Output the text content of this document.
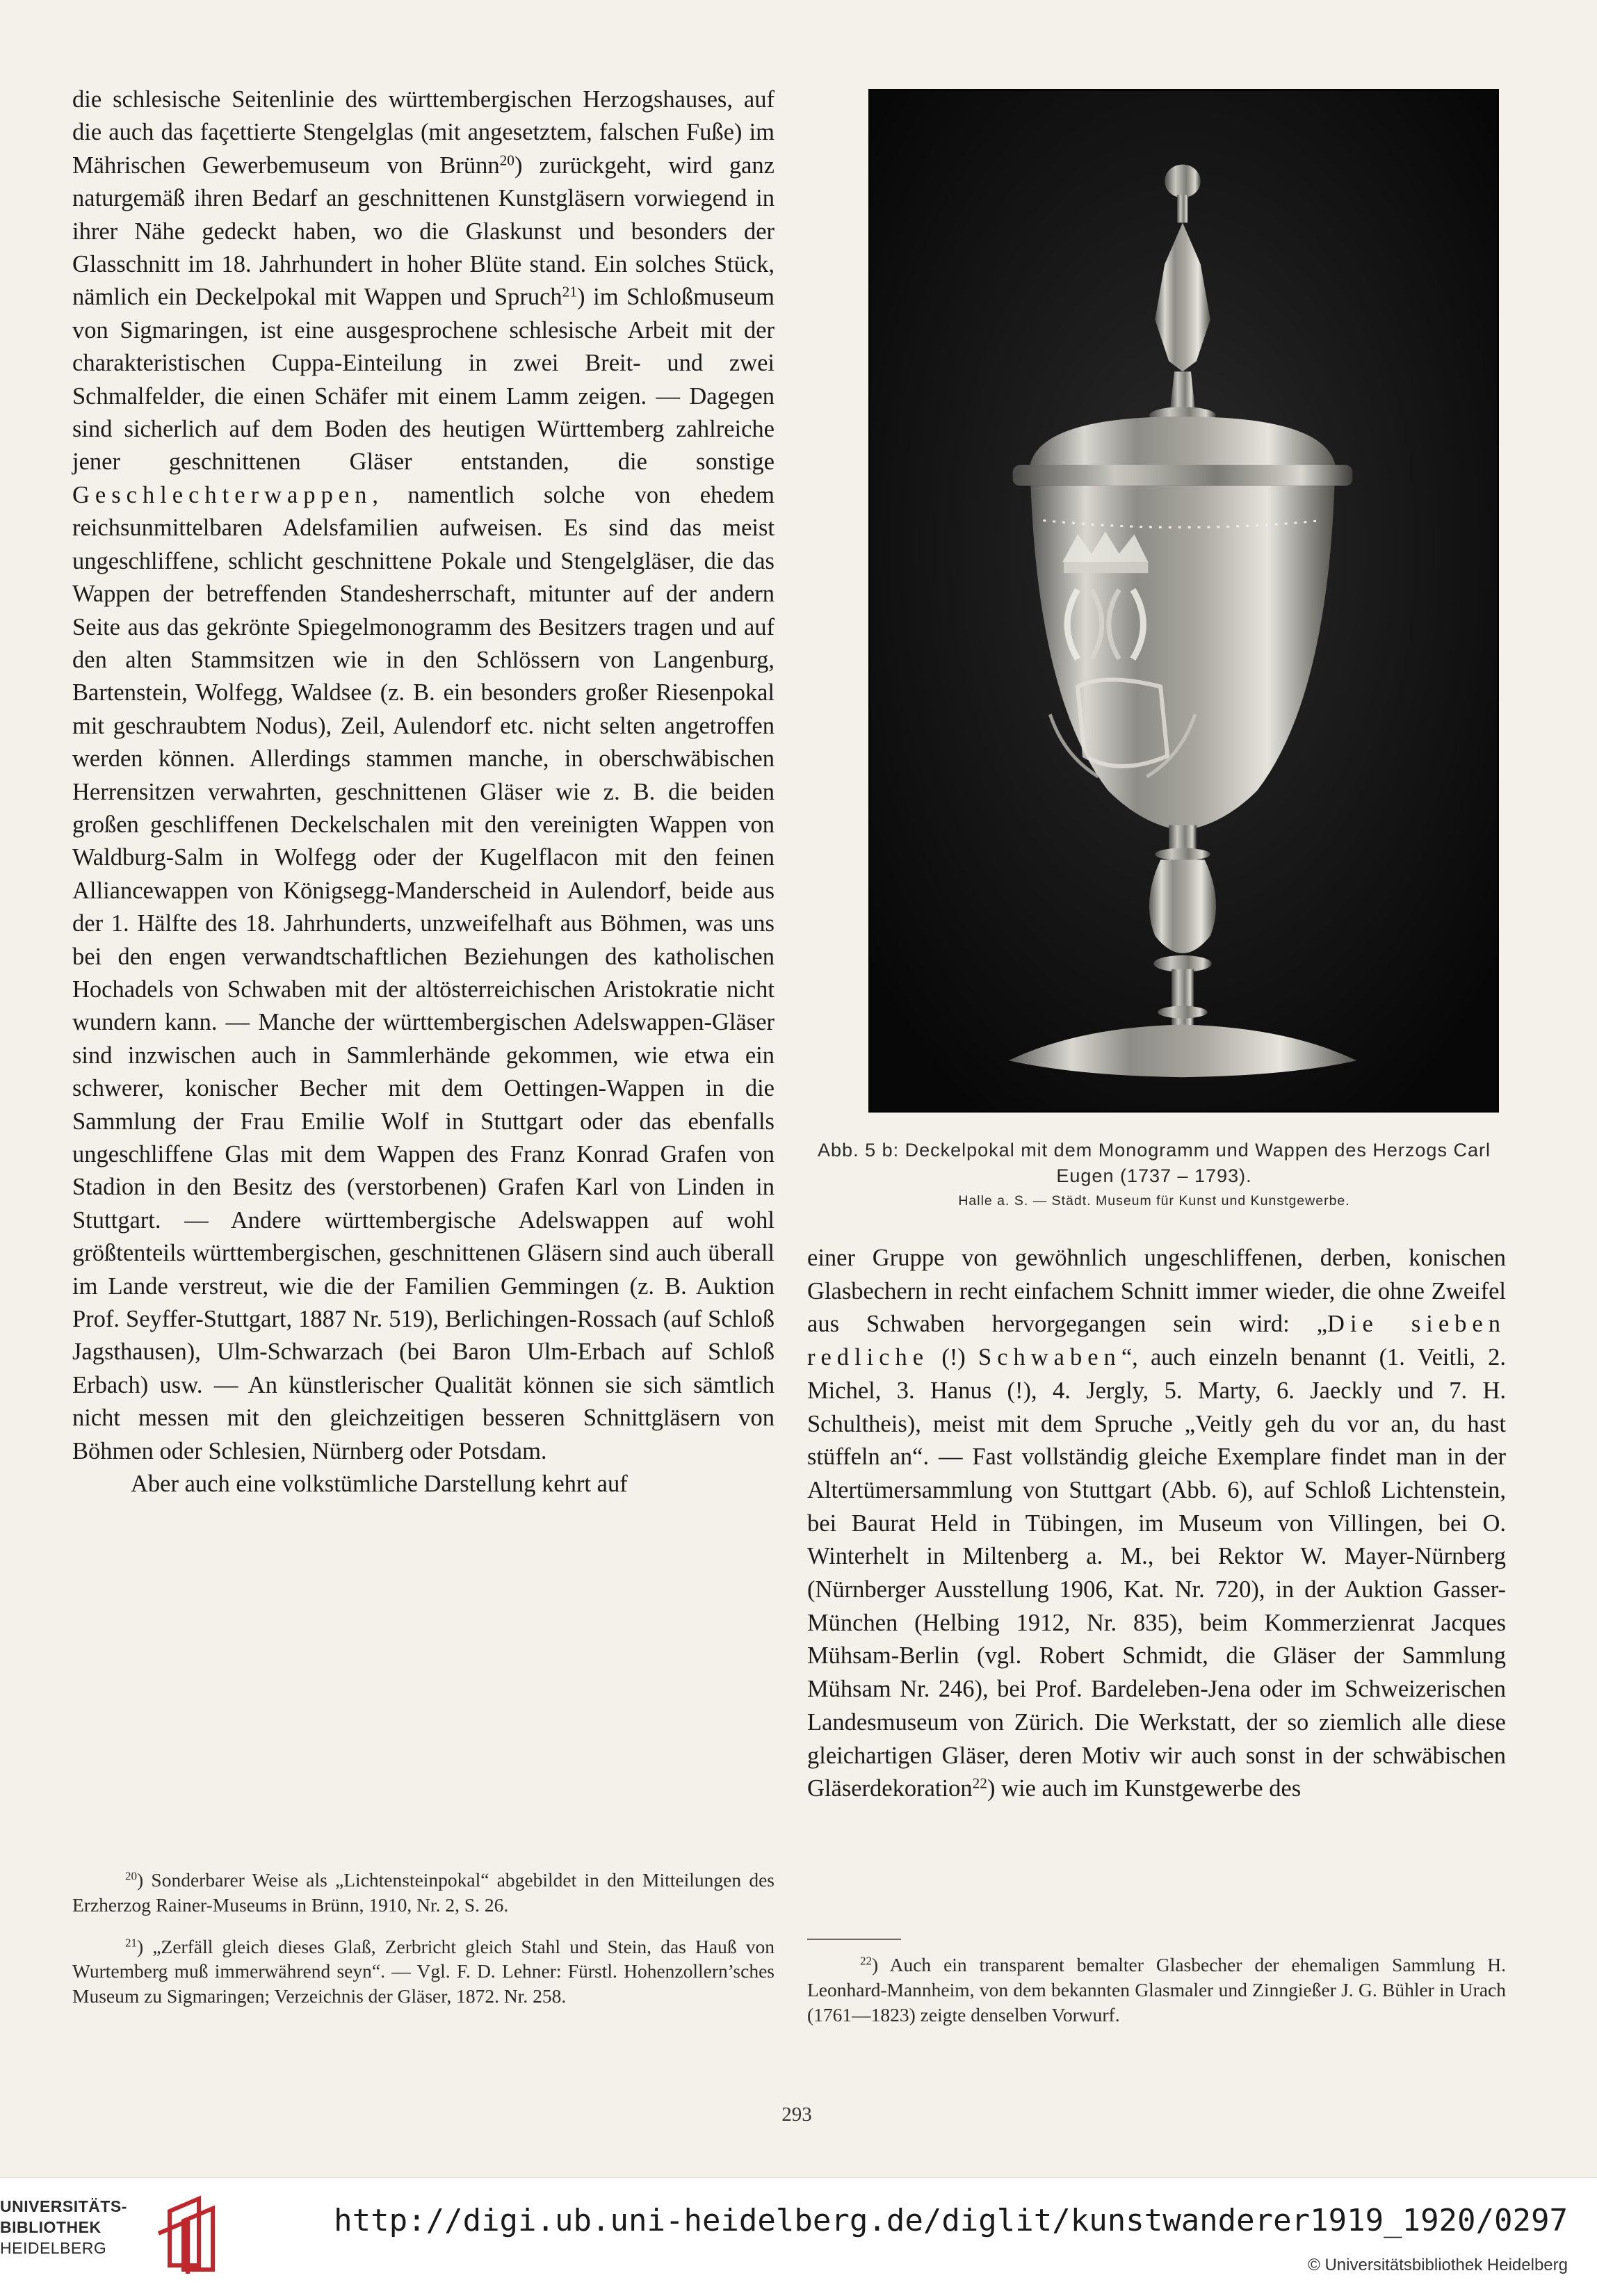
die schlesische Seitenlinie des württembergischen Herzogshauses, auf die auch das façettierte Stengelglas (mit angesetztem, falschen Fuße) im Mährischen Gewerbemuseum von Brünn$^{20}$) zurückgeht, wird ganz naturgemäß ihren Bedarf an geschnittenen Kunstgläsern vorwiegend in ihrer Nähe gedeckt haben, wo die Glaskunst und besonders der Glasschnitt im 18. Jahrhundert in hoher Blüte stand. Ein solches Stück, nämlich ein Deckelpokal mit Wappen und Spruch$^{21}$) im Schloßmuseum von Sigmaringen, ist eine ausgesprochene schlesische Arbeit mit der charakteristischen Cuppa-Einteilung in zwei Breit- und zwei Schmalfelder, die einen Schäfer mit einem Lamm zeigen. — Dagegen sind sicherlich auf dem Boden des heutigen Württemberg zahlreiche jener geschnittenen Gläser entstanden, die sonstige Geschlechterwappen, namentlich solche von ehedem reichsunmittelbaren Adelsfamilien aufweisen. Es sind das meist ungeschliffene, schlicht geschnittene Pokale und Stengelgläser, die das Wappen der betreffenden Standesherrschaft, mitunter auf der andern Seite aus das gekrönte Spiegelmonogramm des Besitzers tragen und auf den alten Stammsitzen wie in den Schlössern von Langenburg, Bartenstein, Wolfegg, Waldsee (z. B. ein besonders großer Riesenpokal mit geschraubtem Nodus), Zeil, Aulendorf etc. nicht selten angetroffen werden können. Allerdings stammen manche, in oberschwäbischen Herrensitzen verwahrten, geschnittenen Gläser wie z. B. die beiden großen geschliffenen Deckelschalen mit den vereinigten Wappen von Waldburg-Salm in Wolfegg oder der Kugelflacon mit den feinen Alliancewappen von Königsegg-Manderscheid in Aulendorf, beide aus der 1. Hälfte des 18. Jahrhunderts, unzweifelhaft aus Böhmen, was uns bei den engen verwandtschaftlichen Beziehungen des katholischen Hochadels von Schwaben mit der altösterreichischen Aristokratie nicht wundern kann. — Manche der württembergischen Adelswappen-Gläser sind inzwischen auch in Sammlerhände gekommen, wie etwa ein schwerer, konischer Becher mit dem Oettingen-Wappen in die Sammlung der Frau Emilie Wolf in Stuttgart oder das ebenfalls ungeschliffene Glas mit dem Wappen des Franz Konrad Grafen von Stadion in den Besitz des (verstorbenen) Grafen Karl von Linden in Stuttgart. — Andere württembergische Adelswappen auf wohl größtenteils württembergischen, geschnittenen Gläsern sind auch überall im Lande verstreut, wie die der Familien Gemmingen (z. B. Auktion Prof. Seyffer-Stuttgart, 1887 Nr. 519), Berlichingen-Rossach (auf Schloß Jagsthausen), Ulm-Schwarzach (bei Baron Ulm-Erbach auf Schloß Erbach) usw. — An künstlerischer Qualität können sie sich sämtlich nicht messen mit den gleichzeitigen besseren Schnittgläsern von Böhmen oder Schlesien, Nürnberg oder Potsdam.

Aber auch eine volkstümliche Darstellung kehrt auf

Abb. 5 b: Deckelpokal mit dem Monogramm und Wappen des Herzogs Carl Eugen (1737 – 1793).
Halle a. S. — Städt. Museum für Kunst und Kunstgewerbe.

einer Gruppe von gewöhnlich ungeschliffenen, derben, konischen Glasbechern in recht einfachem Schnitt immer wieder, die ohne Zweifel aus Schwaben hervorgegangen sein wird: „Die sieben redliche (!) Schwaben“, auch einzeln benannt (1. Veitli, 2. Michel, 3. Hanus (!), 4. Jergly, 5. Marty, 6. Jaeckly und 7. H. Schultheis), meist mit dem Spruche „Veitly geh du vor an, du hast stüffeln an“. — Fast vollständig gleiche Exemplare findet man in der Altertümersammlung von Stuttgart (Abb. 6), auf Schloß Lichtenstein, bei Baurat Held in Tübingen, im Museum von Villingen, bei O. Winterhelt in Miltenberg a. M., bei Rektor W. Mayer-Nürnberg (Nürnberger Ausstellung 1906, Kat. Nr. 720), in der Auktion Gasser-München (Helbing 1912, Nr. 835), beim Kommerzienrat Jacques Mühsam-Berlin (vgl. Robert Schmidt, die Gläser der Sammlung Mühsam Nr. 246), bei Prof. Bardeleben-Jena oder im Schweizerischen Landesmuseum von Zürich. Die Werkstatt, der so ziemlich alle diese gleichartigen Gläser, deren Motiv wir auch sonst in der schwäbischen Gläserdekoration$^{22}$) wie auch im Kunstgewerbe des

$^{20}$) Sonderbarer Weise als „Lichtensteinpokal“ abgebildet in den Mitteilungen des Erzherzog Rainer-Museums in Brünn, 1910, Nr. 2, S. 26.

$^{21}$) „Zerfäll gleich dieses Glaß, Zerbricht gleich Stahl und Stein, das Hauß von Wurtemberg muß immerwährend seyn“. — Vgl. F. D. Lehner: Fürstl. Hohenzollern’sches Museum zu Sigmaringen; Verzeichnis der Gläser, 1872. Nr. 258.

$^{22}$) Auch ein transparent bemalter Glasbecher der ehemaligen Sammlung H. Leonhard-Mannheim, von dem bekannten Glasmaler und Zinngießer J. G. Bühler in Urach (1761—1823) zeigte denselben Vorwurf.

293
UNIVERSITÄTS-
BIBLIOTHEK
HEIDELBERG
http://digi.ub.uni-heidelberg.de/diglit/kunstwanderer1919_1920/0297
© Universitätsbibliothek Heidelberg
